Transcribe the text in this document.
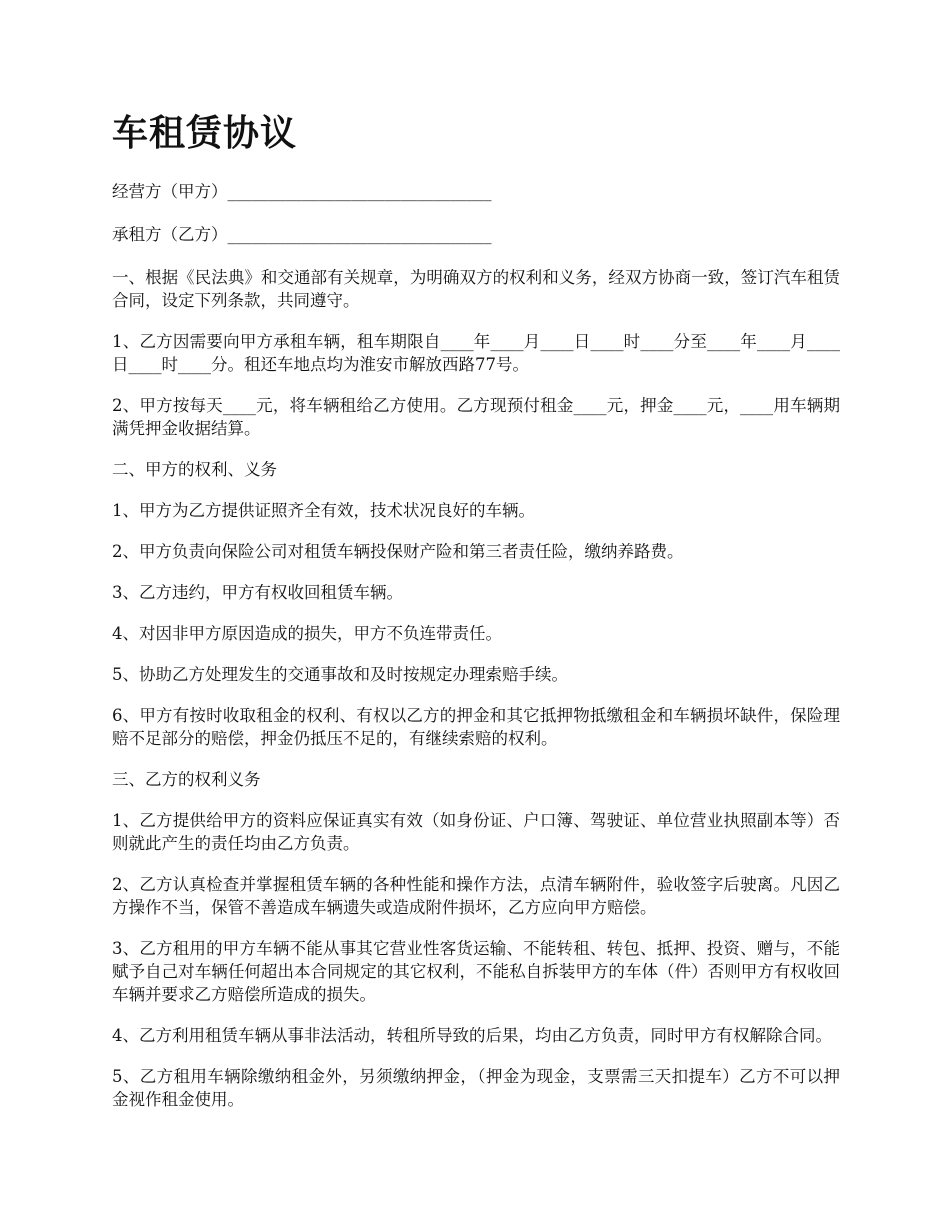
车租赁协议
经营方（甲方）________________________________
承租方（乙方）________________________________

一、根据《民法典》和交通部有关规章，为明确双方的权利和义务，经双方协商一致，签订汽车租赁合同，设定下列条款，共同遵守。

1、乙方因需要向甲方承租车辆，租车期限自____年____月____日____时____分至____年____月____日____时____分。租还车地点均为淮安市解放西路77号。

2、甲方按每天____元，将车辆租给乙方使用。乙方现预付租金____元，押金____元，____用车辆期满凭押金收据结算。

二、甲方的权利、义务

1、甲方为乙方提供证照齐全有效，技术状况良好的车辆。

2、甲方负责向保险公司对租赁车辆投保财产险和第三者责任险，缴纳养路费。

3、乙方违约，甲方有权收回租赁车辆。

4、对因非甲方原因造成的损失，甲方不负连带责任。

5、协助乙方处理发生的交通事故和及时按规定办理索赔手续。

6、甲方有按时收取租金的权利、有权以乙方的押金和其它抵押物抵缴租金和车辆损坏缺件，保险理赔不足部分的赔偿，押金仍抵压不足的，有继续索赔的权利。

三、乙方的权利义务

1、乙方提供给甲方的资料应保证真实有效（如身份证、户口簿、驾驶证、单位营业执照副本等）否则就此产生的责任均由乙方负责。

2、乙方认真检查并掌握租赁车辆的各种性能和操作方法，点清车辆附件，验收签字后驶离。凡因乙方操作不当，保管不善造成车辆遗失或造成附件损坏，乙方应向甲方赔偿。

3、乙方租用的甲方车辆不能从事其它营业性客货运输、不能转租、转包、抵押、投资、赠与，不能赋予自己对车辆任何超出本合同规定的其它权利，不能私自拆装甲方的车体（件）否则甲方有权收回车辆并要求乙方赔偿所造成的损失。

4、乙方利用租赁车辆从事非法活动，转租所导致的后果，均由乙方负责，同时甲方有权解除合同。

5、乙方租用车辆除缴纳租金外，另须缴纳押金，（押金为现金，支票需三天扣提车）乙方不可以押金视作租金使用。
